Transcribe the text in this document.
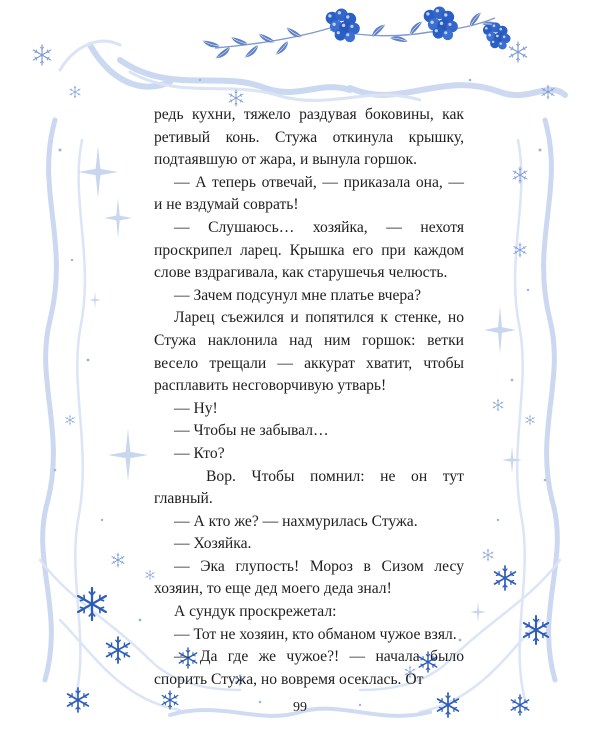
редь кухни, тяжело раздувая боковины, как ретивый конь. Стужа откинула крышку, подтаявшую от жара, и вынула горшок.

— А теперь отвечай, — приказала она, — и не вздумай соврать!

— Слушаюсь… хозяйка, — нехотя проскрипел ларец. Крышка его при каждом слове вздрагивала, как старушечья челюсть.

— Зачем подсунул мне платье вчера?

Ларец съежился и попятился к стенке, но Стужа наклонила над ним горшок: ветки весело трещали — аккурат хватит, чтобы расплавить несговорчивую утварь!

— Ну!

— Чтобы не забывал…

— Кто?

Вор. Чтобы помнил: не он тут главный.

— А кто же? — нахмурилась Стужа.

— Хозяйка.

— Эка глупость! Мороз в Сизом лесу хозяин, то еще дед моего деда знал!

А сундук проскрежетал:

— Тот не хозяин, кто обманом чужое взял.

— Да где же чужое?! — начала было спорить Стужа, но вовремя осеклась. От

99
